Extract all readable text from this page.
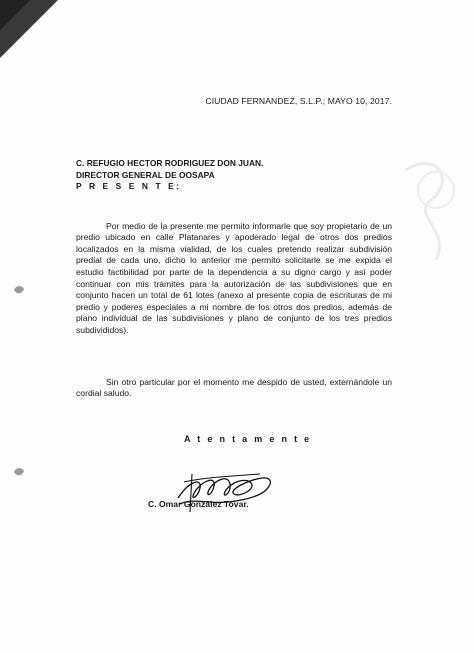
CIUDAD FERNANDEZ, S.L.P.; MAYO 10, 2017.
C. REFUGIO HECTOR RODRIGUEZ DON JUAN.
DIRECTOR GENERAL DE OOSAPA
P R E S E N T E:

Por medio de la presente me permito informarle que soy propietario de un predio ubicado en calle Platanares y apoderado legal de otros dos predios localizados en la misma vialidad, de los cuales pretendo realizar subdivisión predial de cada uno, dicho lo anterior me permito solicitarle se me expida el estudio factibilidad por parte de la dependencia a su digno cargo y así poder continuar con mis trámites para la autorización de las subdivisiones que en conjunto hacen un total de 61 lotes (anexo al presente copia de escrituras de mi predio y poderes especiales a mi nombre de los otros dos predios, además de plano individual de las subdivisiones y plano de conjunto de los tres predios subdivididos).

Sin otro particular por el momento me despido de usted, externándole un cordial saludo.

A t e n t a m e n t e
C. Omar González Tovar.
